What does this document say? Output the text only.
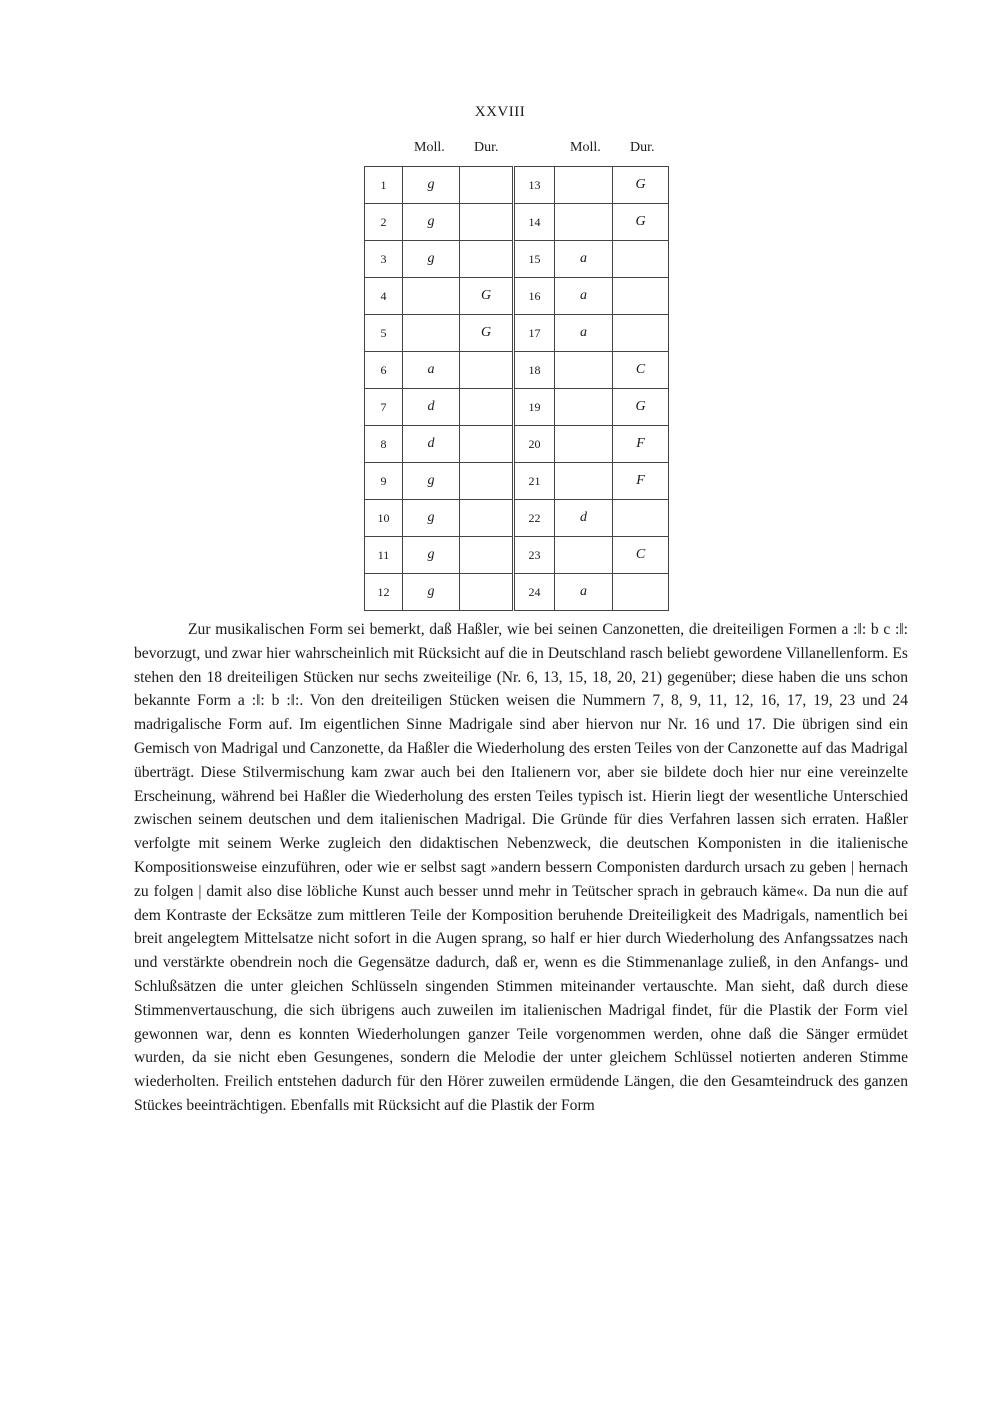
XXVIII
Moll. Dur.	Moll. Dur.
1	g		13		G
2	g		14		G
3	g		15	a	
4		G	16	a	
5		G	17	a	
6	a		18		C
7	d		19		G
8	d		20		F
9	g		21		F
10	g		22	d	
11	g		23		C
12	g		24	a	

Zur musikalischen Form sei bemerkt, daß Haßler, wie bei seinen Canzonetten, die dreiteiligen Formen a :‖: b c :‖: bevorzugt, und zwar hier wahrscheinlich mit Rücksicht auf die in Deutschland rasch beliebt gewordene Villanellenform. Es stehen den 18 dreiteiligen Stücken nur sechs zweiteilige (Nr. 6, 13, 15, 18, 20, 21) gegenüber; diese haben die uns schon bekannte Form a :‖: b :‖:. Von den dreiteiligen Stücken weisen die Nummern 7, 8, 9, 11, 12, 16, 17, 19, 23 und 24 madrigalische Form auf. Im eigentlichen Sinne Madrigale sind aber hiervon nur Nr. 16 und 17. Die übrigen sind ein Gemisch von Madrigal und Canzonette, da Haßler die Wiederholung des ersten Teiles von der Canzonette auf das Madrigal überträgt. Diese Stilvermischung kam zwar auch bei den Italienern vor, aber sie bildete doch hier nur eine vereinzelte Erscheinung, während bei Haßler die Wiederholung des ersten Teiles typisch ist. Hierin liegt der wesentliche Unterschied zwischen seinem deutschen und dem italienischen Madrigal. Die Gründe für dies Verfahren lassen sich erraten. Haßler verfolgte mit seinem Werke zugleich den didaktischen Nebenzweck, die deutschen Komponisten in die italienische Kompositionsweise einzuführen, oder wie er selbst sagt »andern bessern Componisten dardurch ursach zu geben | hernach zu folgen | damit also dise löbliche Kunst auch besser unnd mehr in Teütscher sprach in gebrauch käme«. Da nun die auf dem Kontraste der Ecksätze zum mittleren Teile der Komposition beruhende Dreiteiligkeit des Madrigals, namentlich bei breit angelegtem Mittelsatze nicht sofort in die Augen sprang, so half er hier durch Wiederholung des Anfangssatzes nach und verstärkte obendrein noch die Gegensätze dadurch, daß er, wenn es die Stimmenanlage zuließ, in den Anfangs- und Schlußsätzen die unter gleichen Schlüsseln singenden Stimmen miteinander vertauschte. Man sieht, daß durch diese Stimmenvertauschung, die sich übrigens auch zuweilen im italienischen Madrigal findet, für die Plastik der Form viel gewonnen war, denn es konnten Wiederholungen ganzer Teile vorgenommen werden, ohne daß die Sänger ermüdet wurden, da sie nicht eben Gesungenes, sondern die Melodie der unter gleichem Schlüssel notierten anderen Stimme wiederholten. Freilich entstehen dadurch für den Hörer zuweilen ermüdende Längen, die den Gesamteindruck des ganzen Stückes beeinträchtigen. Ebenfalls mit Rücksicht auf die Plastik der Form
